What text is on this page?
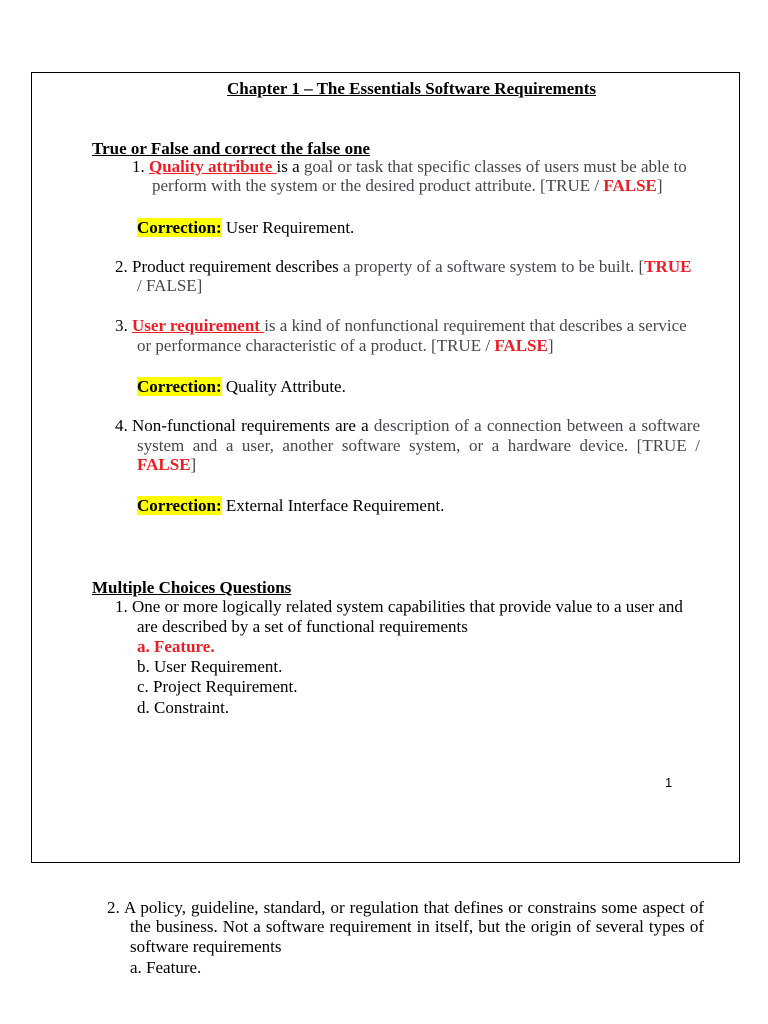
Chapter 1 – The Essentials Software Requirements
True or False and correct the false one
1. Quality attribute is a goal or task that specific classes of users must be able to
perform with the system or the desired product attribute. [TRUE / FALSE]
Correction: User Requirement.
2. Product requirement describes a property of a software system to be built. [TRUE
/ FALSE]
3. User requirement is a kind of nonfunctional requirement that describes a service
or performance characteristic of a product. [TRUE / FALSE]
Correction: Quality Attribute.
4. Non-functional requirements are a description of a connection between a software
system and a user, another software system, or a hardware device. [TRUE /
FALSE]
Correction: External Interface Requirement.
Multiple Choices Questions
1. One or more logically related system capabilities that provide value to a user and
are described by a set of functional requirements
a. Feature.
b. User Requirement.
c. Project Requirement.
d. Constraint.
1
2. A policy, guideline, standard, or regulation that defines or constrains some aspect of
the business. Not a software requirement in itself, but the origin of several types of
software requirements
a. Feature.
